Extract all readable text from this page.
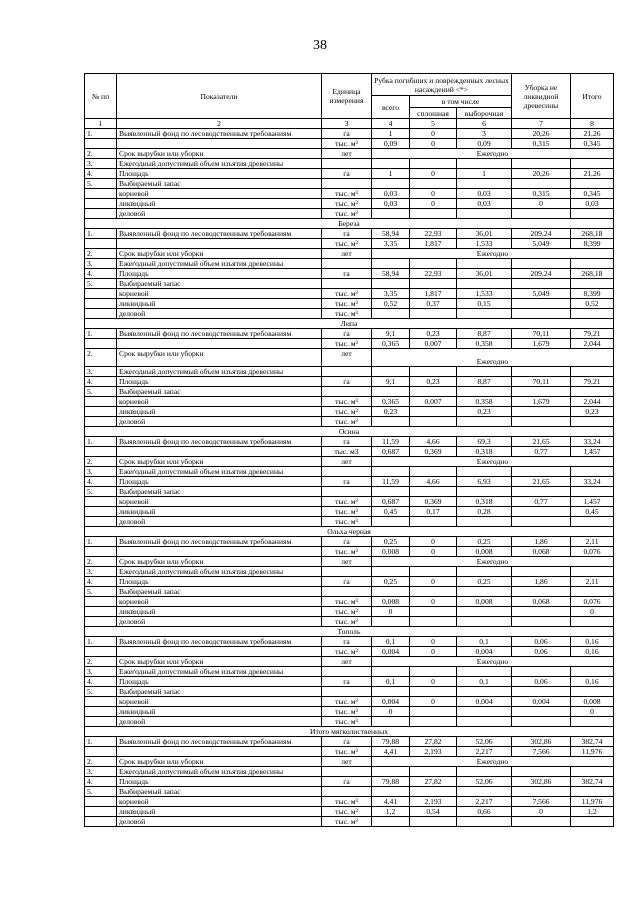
38
№ пп	Показатели	Единица измерения	Рубка погибших и поврежденных лесных насаждений <*>			Уборка не ликвидной древесины	Итого
			всего	в том числе			
				сплошная	выборочная		
1	2	3	4	5	6	7	8
1.	Выявленный фонд по лесоводственным требованиям	га	1	0	3	20,26	21,26
		тыс. м³	0,09	0	0,09	0,315	0,345
2.	Срок вырубки или уборки	лет	Ежегодно				
3.	Ежегодный допустимый объем изъятия древесины						
4.	Площадь	га	1	0	1	20,26	21,26
5.	Выбираемый запас						
	корневой	тыс. м³	0,03	0	0,03	0,315	0,345
	ликвидный	тыс. м³	0,03	0	0,03	0	0,03
	деловой	тыс. м³					
Береза							
1.	Выявленный фонд по лесоводственным требованиям	га	58,94	22,93	36,01	209,24	268,18
		тыс. м³	3,35	1,817	1,533	5,049	8,399
2.	Срок вырубки или уборки	лет	Ежегодно				
3.	Ежегодный допустимый объем изъятия древесины						
4.	Площадь	га	58,94	22,93	36,01	209,24	268,18
5.	Выбираемый запас						
	корневой	тыс. м³	3,35	1,817	1,533	5,049	8,399
	ликвидный	тыс. м³	0,52	0,37	0,15		0,52
	деловой	тыс. м³					
Липа							
1.	Выявленный фонд по лесоводственным требованиям	га	9,1	0,23	8,87	70,11	79,21
		тыс. м³	0,365	0,007	0,358	1,679	2,044
2.	Срок вырубки или уборки	лет	Ежегодно				
3.	Ежегодный допустимый объем изъятия древесины						
4.	Площадь	га	9,1	0,23	8,87	70,11	79,21
5.	Выбираемый запас						
	корневой	тыс. м³	0,365	0,007	0,358	1,679	2,044
	ликвидный	тыс. м³	0,23		0,23		0,23
	деловой	тыс. м³					
Осина							
1.	Выявленный фонд по лесоводственным требованиям	га	11,59	4,66	69,3	21,65	33,24
		тыс. м3	0,687	0,369	0,318	0,77	1,457
2.	Срок вырубки или уборки	лет	Ежегодно				
3.	Ежегодный допустимый объем изъятия древесины						
4.	Площадь	га	11,59	4,66	6,93	21,65	33,24
5.	Выбираемый запас						
	корневой	тыс. м³	0,687	0,369	0,318	0,77	1,457
	ликвидный	тыс. м³	0,45	0,17	0,28		0,45
	деловой	тыс. м³					
Ольха черная							
1.	Выявленный фонд по лесоводственным требованиям	га	0,25	0	0,25	1,86	2,11
		тыс. м³	0,008	0	0,008	0,068	0,076
2.	Срок вырубки или уборки	лет	Ежегодно				
3.	Ежегодный допустимый объем изъятия древесины						
4.	Площадь	га	0,25	0	0,25	1,86	2,11
5.	Выбираемый запас						
	корневой	тыс. м³	0,008	0	0,008	0,068	0,076
	ликвидный	тыс. м³	0				0
	деловой	тыс. м³					
Тополь							
1.	Выявленный фонд по лесоводственным требованиям	га	0,1	0	0,1	0,06	0,16
		тыс. м³	0,004	0	0,004	0,06	0,16
2.	Срок вырубки или уборки	лет	Ежегодно				
3.	Ежегодный допустимый объем изъятия древесины						
4.	Площадь	га	0,1	0	0,1	0,06	0,16
5.	Выбираемый запас						
	корневой	тыс. м³	0,004	0	0,004	0,004	0,008
	ликвидный	тыс. м³	0				0
	деловой	тыс. м³					
Итого мягколиственных							
1.	Выявленный фонд по лесоводственным требованиям	га	79,88	27,82	52,06	302,86	382,74
		тыс. м³	4,41	2,193	2,217	7,566	11,976
2.	Срок вырубки или уборки	лет	Ежегодно				
3.	Ежегодный допустимый объем изъятия древесины						
4.	Площадь	га	79,88	27,82	52,06	302,86	382,74
5.	Выбираемый запас						
	корневой	тыс. м³	4,41	2,193	2,217	7,566	11,976
	ликвидный	тыс. м³	1,2	0,54	0,66	0	1,2
	деловой	тыс. м³					
